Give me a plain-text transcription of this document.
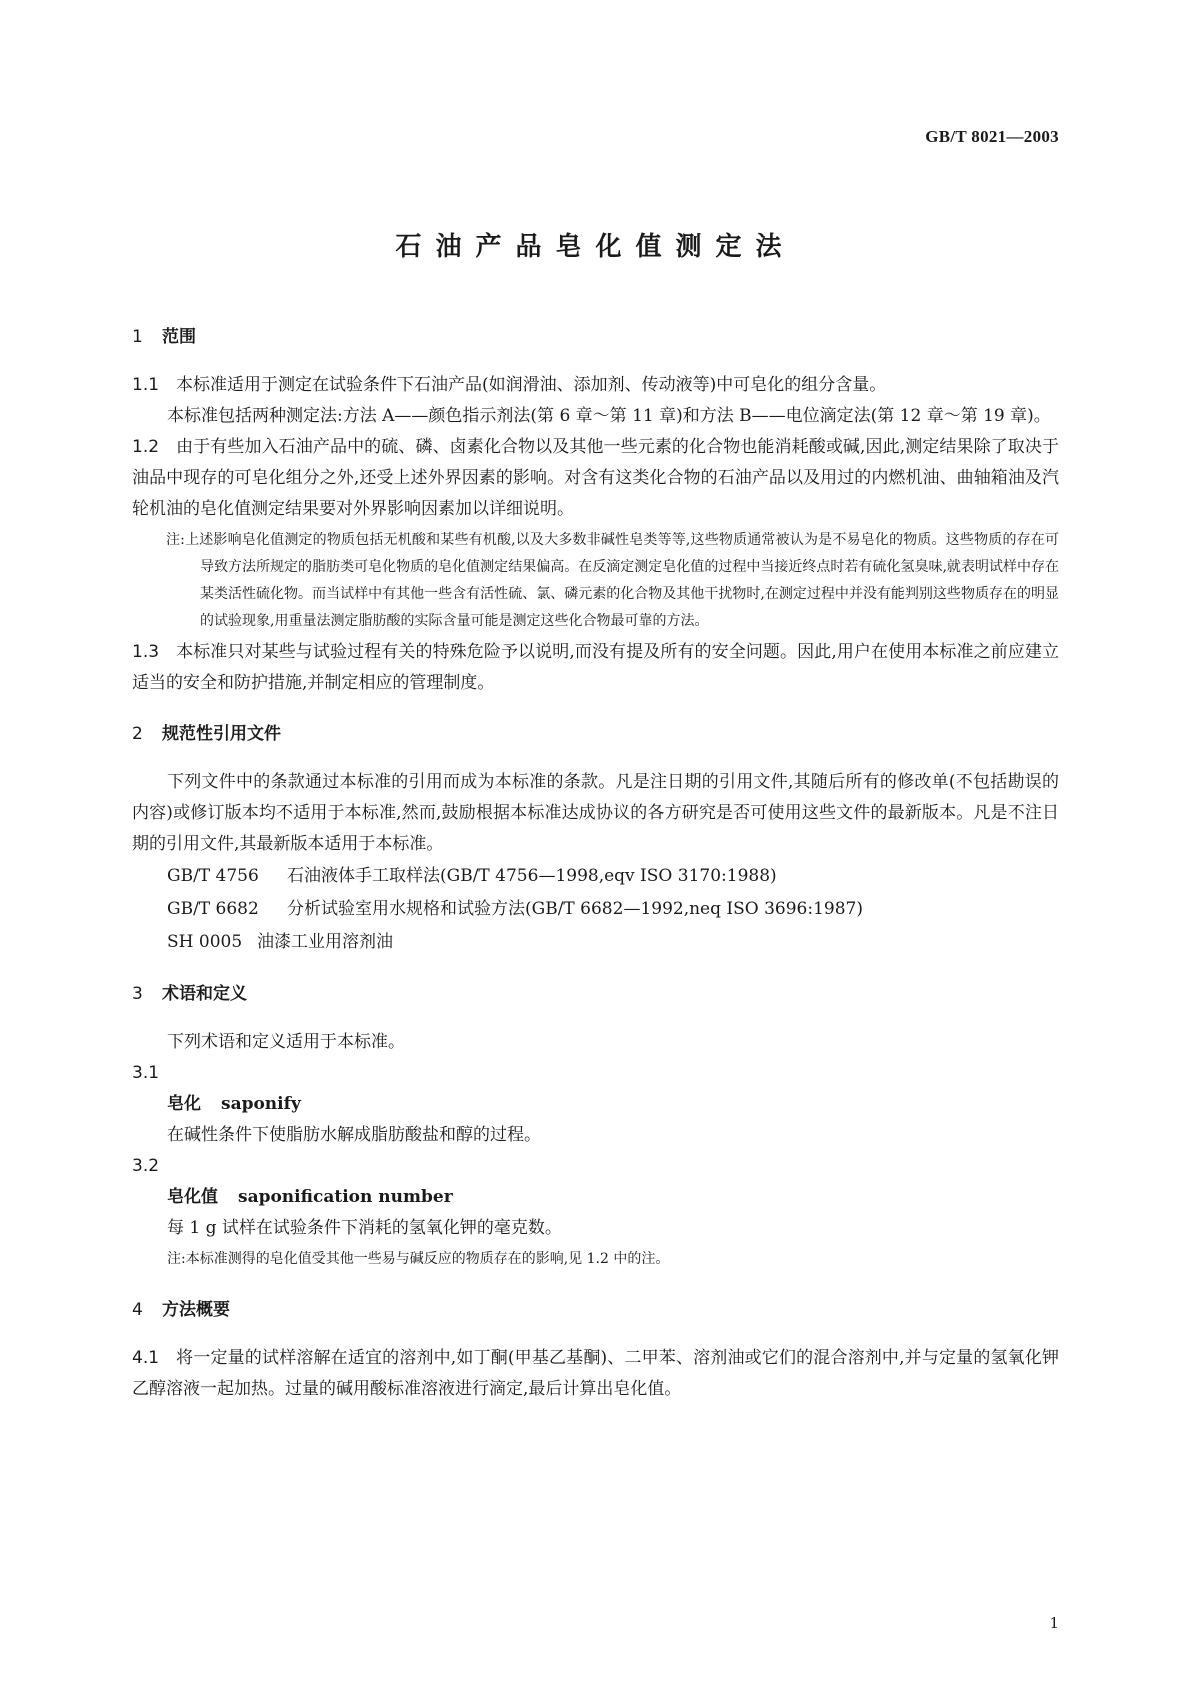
GB/T 8021—2003
石油产品皂化值测定法
1 范围

1.1 本标准适用于测定在试验条件下石油产品(如润滑油、添加剂、传动液等)中可皂化的组分含量。

本标准包括两种测定法:方法 A——颜色指示剂法(第 6 章～第 11 章)和方法 B——电位滴定法(第 12 章～第 19 章)。

1.2 由于有些加入石油产品中的硫、磷、卤素化合物以及其他一些元素的化合物也能消耗酸或碱,因此,测定结果除了取决于油品中现存的可皂化组分之外,还受上述外界因素的影响。对含有这类化合物的石油产品以及用过的内燃机油、曲轴箱油及汽轮机油的皂化值测定结果要对外界影响因素加以详细说明。

注:上述影响皂化值测定的物质包括无机酸和某些有机酸,以及大多数非碱性皂类等等,这些物质通常被认为是不易皂化的物质。这些物质的存在可导致方法所规定的脂肪类可皂化物质的皂化值测定结果偏高。在反滴定测定皂化值的过程中当接近终点时若有硫化氢臭味,就表明试样中存在某类活性硫化物。而当试样中有其他一些含有活性硫、氯、磷元素的化合物及其他干扰物时,在测定过程中并没有能判别这些物质存在的明显的试验现象,用重量法测定脂肪酸的实际含量可能是测定这些化合物最可靠的方法。

1.3 本标准只对某些与试验过程有关的特殊危险予以说明,而没有提及所有的安全问题。因此,用户在使用本标准之前应建立适当的安全和防护措施,并制定相应的管理制度。

2 规范性引用文件

下列文件中的条款通过本标准的引用而成为本标准的条款。凡是注日期的引用文件,其随后所有的修改单(不包括勘误的内容)或修订版本均不适用于本标准,然而,鼓励根据本标准达成协议的各方研究是否可使用这些文件的最新版本。凡是不注日期的引用文件,其最新版本适用于本标准。

GB/T 4756 石油液体手工取样法(GB/T 4756—1998,eqv ISO 3170:1988)

GB/T 6682 分析试验室用水规格和试验方法(GB/T 6682—1992,neq ISO 3696:1987)

SH 0005 油漆工业用溶剂油

3 术语和定义

下列术语和定义适用于本标准。

3.1

皂化 saponify

在碱性条件下使脂肪水解成脂肪酸盐和醇的过程。

3.2

皂化值 saponification number

每 1 g 试样在试验条件下消耗的氢氧化钾的毫克数。

注:本标准测得的皂化值受其他一些易与碱反应的物质存在的影响,见 1.2 中的注。

4 方法概要

4.1 将一定量的试样溶解在适宜的溶剂中,如丁酮(甲基乙基酮)、二甲苯、溶剂油或它们的混合溶剂中,并与定量的氢氧化钾乙醇溶液一起加热。过量的碱用酸标准溶液进行滴定,最后计算出皂化值。

1
